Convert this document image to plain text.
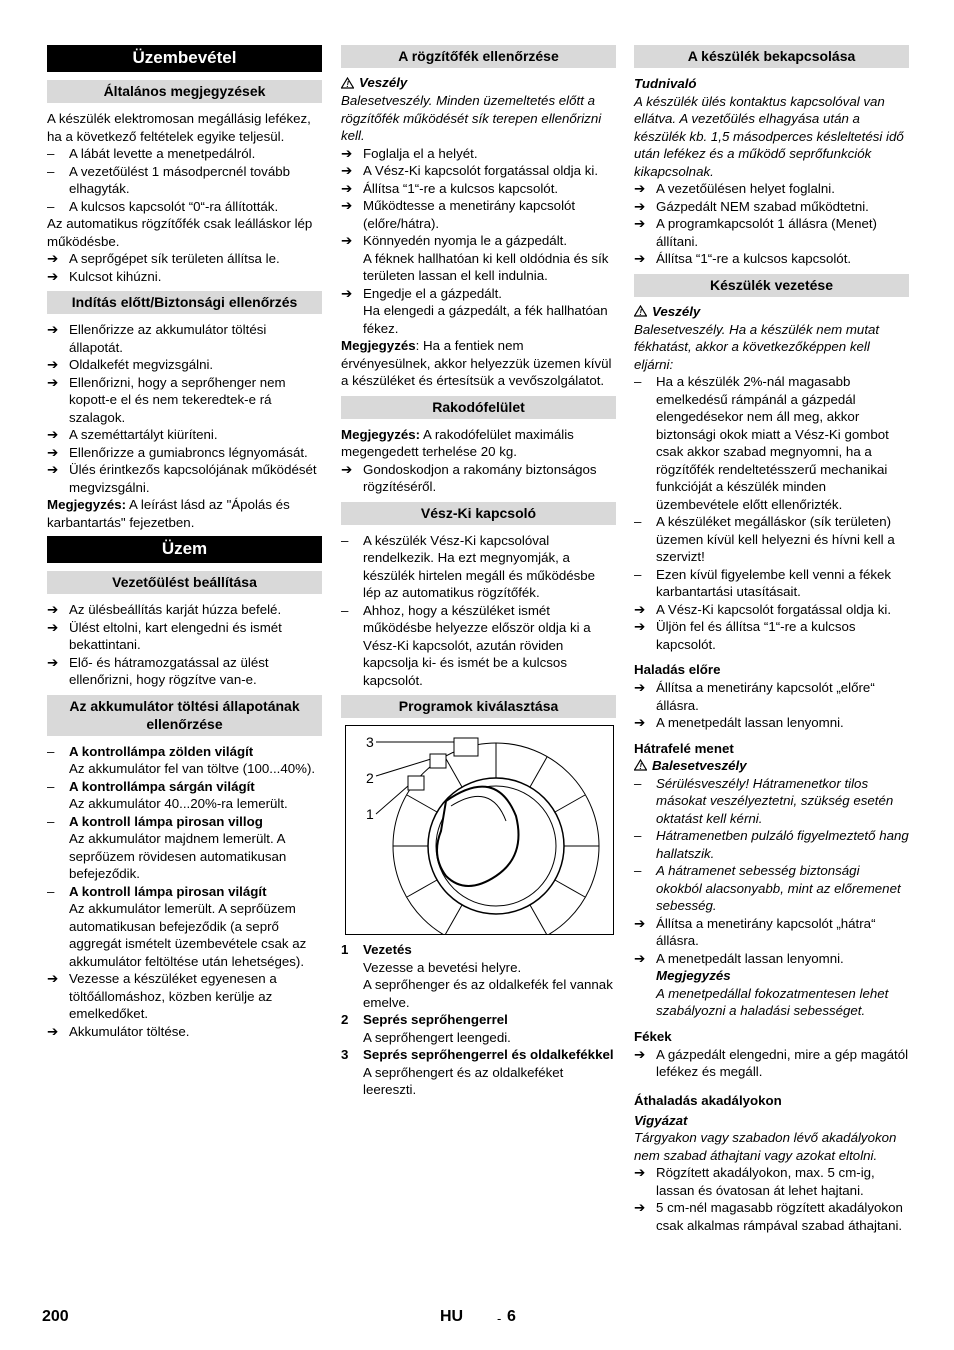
Üzembevétel
Általános megjegyzések

A készülék elektromosan megállásig lefékez, ha a következő feltételek egyike teljesül.

–	A lábát levette a menetpedálról.
–	A vezetőülést 1 másodpercnél tovább elhagyták.
–	A kulcsos kapcsolót “0“-ra állították.

Az automatikus rögzítőfék csak leálláskor lép működésbe.

➔ A seprőgépet sík területen állítsa le.
➔ Kulcsot kihúzni.
Indítás előtt/Biztonsági ellenőrzés
➔ Ellenőrizze az akkumulátor töltési állapotát.
➔ Oldalkefét megvizsgálni.
➔ Ellenőrizni, hogy a seprőhenger nem kopott-e el és nem tekeredtek-e rá szalagok.
➔ A szeméttartályt kiüríteni.
➔ Ellenőrizze a gumiabroncs légnyomását.
➔ Ülés érintkezős kapcsolójának működését megvizsgálni.

Megjegyzés: A leírást lásd az "Ápolás és karbantartás" fejezetben.

Üzem
Vezetőülést beállítása
➔ Az ülésbeállítás karját húzza befelé.
➔ Ülést eltolni, kart elengedni és ismét bekattintani.
➔ Elő- és hátramozgatással az ülést ellenőrizni, hogy rögzítve van-e.
Az akkumulátor töltési állapotának ellenőrzése
–	A kontrollámpa zölden világít
Az akkumulátor fel van töltve (100...40%).
–	A kontrollámpa sárgán világít
Az akkumulátor 40...20%-ra lemerült.
–	A kontroll lámpa pirosan villog
Az akkumulátor majdnem lemerült. A seprőüzem rövidesen automatikusan befejeződik.
–	A kontroll lámpa pirosan világít
Az akkumulátor lemerült. A seprőüzem automatikusan befejeződik (a seprő aggregát ismételt üzembevétele csak az akkumulátor feltöltése után lehetséges).
➔ Vezesse a készüléket egyenesen a töltőállomáshoz, közben kerülje az emelkedőket.
➔ Akkumulátor töltése.
A rögzítőfék ellenőrzése
! Veszély

Balesetveszély. Minden üzemeltetés előtt a rögzítőfék működését sík terepen ellenőrizni kell.

➔ Foglalja el a helyét.
➔ A Vész-Ki kapcsolót forgatással oldja ki.
➔ Állítsa “1“-re a kulcsos kapcsolót.
➔ Működtesse a menetirány kapcsolót (előre/hátra).
➔ Könnyedén nyomja le a gázpedált.
A féknek hallhatóan ki kell oldódnia és sík területen lassan el kell indulnia.
➔ Engedje el a gázpedált.
Ha elengedi a gázpedált, a fék hallhatóan fékez.

Megjegyzés: Ha a fentiek nem érvényesülnek, akkor helyezzük üzemen kívül a készüléket és értesítsük a vevőszolgálatot.

Rakodófelület

Megjegyzés: A rakodófelület maximális megengedett terhelése 20 kg.

➔ Gondoskodjon a rakomány biztonságos rögzítéséről.
Vész-Ki kapcsoló
–	A készülék Vész-Ki kapcsolóval rendelkezik. Ha ezt megnyomják, a készülék hirtelen megáll és működésbe lép az automatikus rögzítőfék.
–	Ahhoz, hogy a készüléket ismét működésbe helyezze először oldja ki a Vész-Ki kapcsolót, azután röviden kapcsolja ki- és ismét be a kulcsos kapcsolót.
Programok kiválasztása
3
2
1
1	Vezetés
Vezesse a bevetési helyre.
A seprőhenger és az oldalkefék fel vannak emelve.
2	Seprés seprőhengerrel
A seprőhengert leengedi.
3	Seprés seprőhengerrel és oldalkefékkel
A seprőhengert és az oldalkeféket leereszti.
A készülék bekapcsolása

Tudnivaló

A készülék ülés kontaktus kapcsolóval van ellátva. A vezetőülés elhagyása után a készülék kb. 1,5 másodperces késleltetési idő után lefékez és a működő seprőfunkciók kikapcsolnak.

➔ A vezetőülésen helyet foglalni.
➔ Gázpedált NEM szabad működtetni.
➔ A programkapcsolót 1 állásra (Menet) állítani.
➔ Állítsa “1“-re a kulcsos kapcsolót.
Készülék vezetése
! Veszély

Balesetveszély. Ha a készülék nem mutat fékhatást, akkor a következőképpen kell eljárni:

–	Ha a készülék 2%-nál magasabb emelkedésű rámpánál a gázpedál elengedésekor nem áll meg, akkor biztonsági okok miatt a Vész-Ki gombot csak akkor szabad megnyomni, ha a rögzítőfék rendeltetésszerű mechanikai funkcióját a készülék minden üzembevétele előtt ellenőrizték.
–	A készüléket megálláskor (sík területen) üzemen kívül kell helyezni és hívni kell a szervizt!
–	Ezen kívül figyelembe kell venni a fékek karbantartási utasításait.
➔ A Vész-Ki kapcsolót forgatással oldja ki.
➔ Üljön fel és állítsa “1“-re a kulcsos kapcsolót.
Haladás előre
➔ Állítsa a menetirány kapcsolót „előre“ állásra.
➔ A menetpedált lassan lenyomni.
Hátrafelé menet
! Balesetveszély
–	Sérülésveszély! Hátramenetkor tilos másokat veszélyeztetni, szükség esetén oktatást kell kérni.
–	Hátramenetben pulzáló figyelmeztető hang hallatszik.
–	A hátramenet sebesség biztonsági okokból alacsonyabb, mint az előremenet sebesség.
➔ Állítsa a menetirány kapcsolót „hátra“ állásra.
➔ A menetpedált lassan lenyomni.

Megjegyzés

A menetpedállal fokozatmentesen lehet szabályozni a haladási sebességet.

Fékek
➔ A gázpedált elengedni, mire a gép magától lefékez és megáll.
Áthaladás akadályokon

Vigyázat

Tárgyakon vagy szabadon lévő akadályokon nem szabad áthajtani vagy azokat eltolni.

➔ Rögzített akadályokon, max. 5 cm-ig, lassan és óvatosan át lehet hajtani.
➔ 5 cm-nél magasabb rögzített akadályokon csak alkalmas rámpával szabad áthajtani.
200	HU	- 6
